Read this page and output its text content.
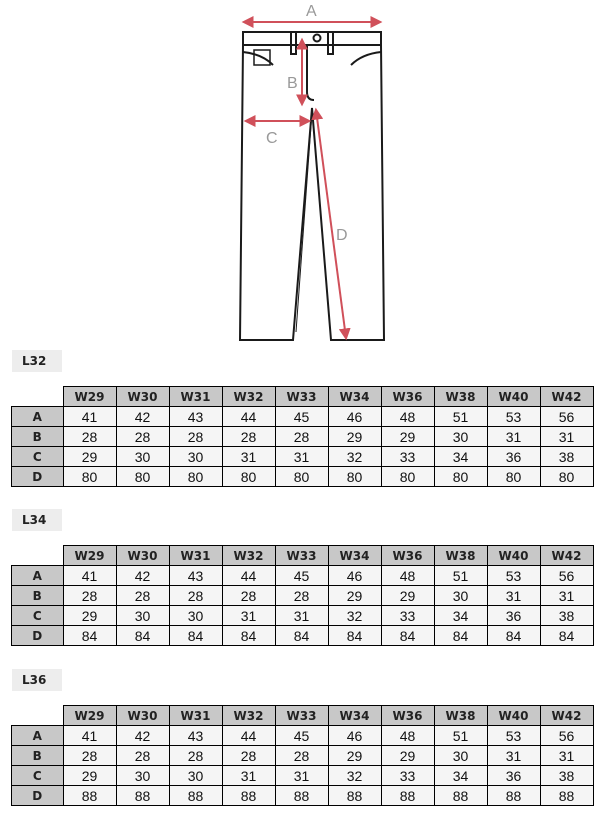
A
B
C
D
L32
	W29	W30	W31	W32	W33	W34	W36	W38	W40	W42
A	41	42	43	44	45	46	48	51	53	56
B	28	28	28	28	28	29	29	30	31	31
C	29	30	30	31	31	32	33	34	36	38
D	80	80	80	80	80	80	80	80	80	80
L34
	W29	W30	W31	W32	W33	W34	W36	W38	W40	W42
A	41	42	43	44	45	46	48	51	53	56
B	28	28	28	28	28	29	29	30	31	31
C	29	30	30	31	31	32	33	34	36	38
D	84	84	84	84	84	84	84	84	84	84
L36
	W29	W30	W31	W32	W33	W34	W36	W38	W40	W42
A	41	42	43	44	45	46	48	51	53	56
B	28	28	28	28	28	29	29	30	31	31
C	29	30	30	31	31	32	33	34	36	38
D	88	88	88	88	88	88	88	88	88	88
